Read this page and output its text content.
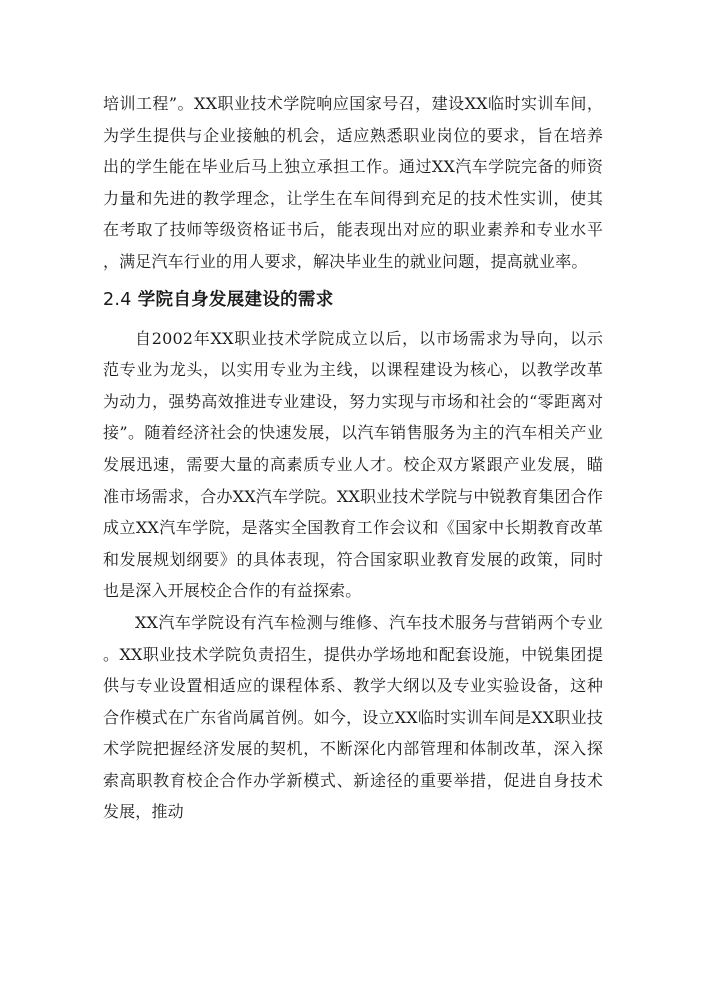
培训工程”。XX职业技术学院响应国家号召，建设XX临时实训车间，为学生提供与企业接触的机会，适应熟悉职业岗位的要求，旨在培养出的学生能在毕业后马上独立承担工作。通过XX汽车学院完备的师资力量和先进的教学理念，让学生在车间得到充足的技术性实训，使其在考取了技师等级资格证书后，能表现出对应的职业素养和专业水平，满足汽车行业的用人要求，解决毕业生的就业问题，提高就业率。

2.4 学院自身发展建设的需求

自2002年XX职业技术学院成立以后，以市场需求为导向，以示范专业为龙头，以实用专业为主线，以课程建设为核心，以教学改革为动力，强势高效推进专业建设，努力实现与市场和社会的“零距离对接”。随着经济社会的快速发展，以汽车销售服务为主的汽车相关产业发展迅速，需要大量的高素质专业人才。校企双方紧跟产业发展，瞄准市场需求，合办XX汽车学院。XX职业技术学院与中锐教育集团合作成立XX汽车学院，是落实全国教育工作会议和《国家中长期教育改革和发展规划纲要》的具体表现，符合国家职业教育发展的政策，同时也是深入开展校企合作的有益探索。

XX汽车学院设有汽车检测与维修、汽车技术服务与营销两个专业。XX职业技术学院负责招生，提供办学场地和配套设施，中锐集团提供与专业设置相适应的课程体系、教学大纲以及专业实验设备，这种合作模式在广东省尚属首例。如今，设立XX临时实训车间是XX职业技术学院把握经济发展的契机，不断深化内部管理和体制改革，深入探索高职教育校企合作办学新模式、新途径的重要举措，促进自身技术发展，推动
